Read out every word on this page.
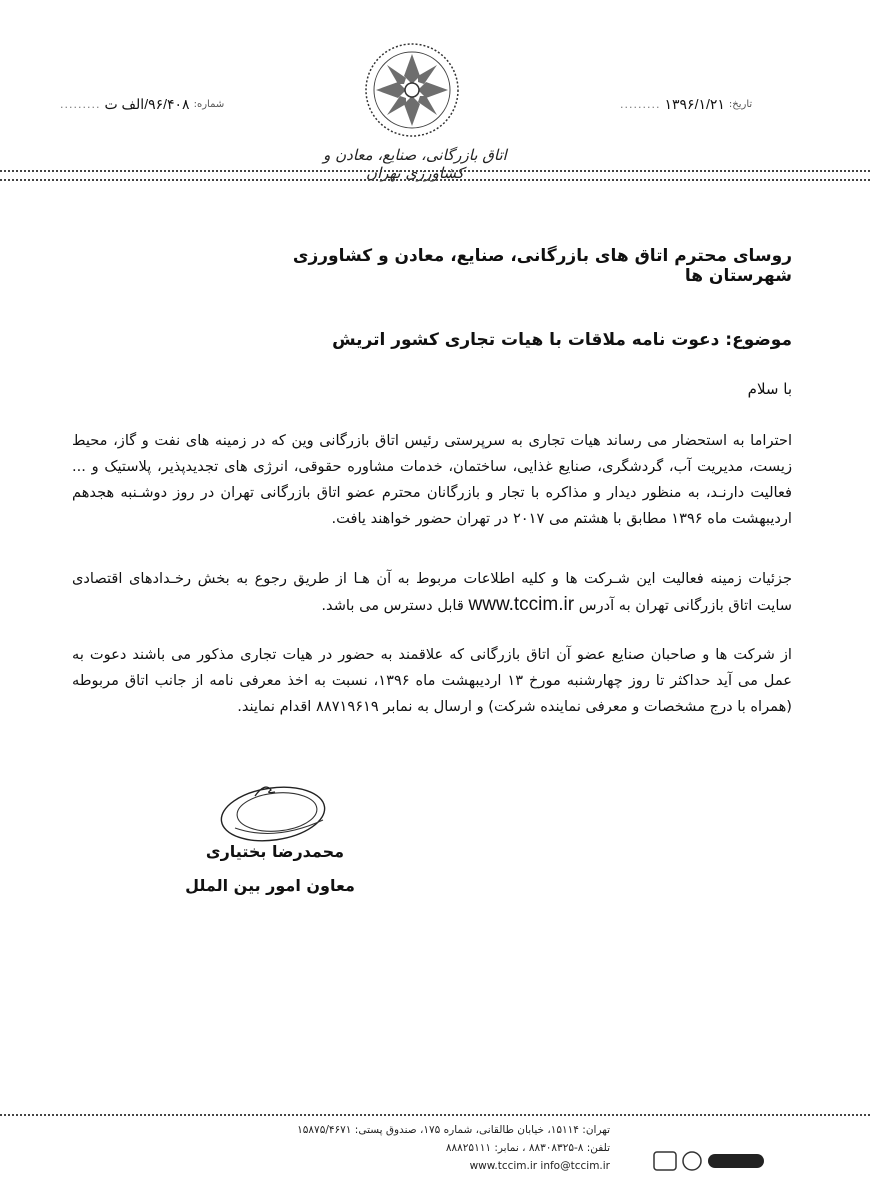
اتاق بازرگانی، صنایع، معادن و کشاورزی تهران
......... ۹۶/۴۰۸/الف ت شماره:	......... ۱۳۹۶/۱/۲۱ تاریخ:
روسای محترم اتاق های بازرگانی، صنایع، معادن و کشاورزی شهرستان ها
موضوع: دعوت نامه ملاقات با هیات تجاری کشور اتریش
با سلام
احتراما به استحضار می رساند هیات تجاری به سرپرستی رئیس اتاق بازرگانی وین که در زمینه های نفت و گاز، محیط زیست، مدیریت آب، گردشگری، صنایع غذایی، ساختمان، خدمات مشاوره حقوقی، انرژی های تجدیدپذیر، پلاستیک و ... فعالیت دارنـد، به منظور دیدار و مذاکره با تجار و بازرگانان محترم عضو اتاق بازرگانی تهران در روز دوشـنبه هجدهم اردیبهشت ماه ۱۳۹۶ مطابق با هشتم می ۲۰۱۷ در تهران حضور خواهند یافت.
جزئیات زمینه فعالیت این شـرکت ها و کلیه اطلاعات مربوط به آن هـا از طریق رجوع به بخش رخـدادهای اقتصادی سایت اتاق بازرگانی تهران به آدرس www.tccim.ir قابل دسترس می باشد.
از شرکت ها و صاحبان صنایع عضو آن اتاق بازرگانی که علاقمند به حضور در هیات تجاری مذکور می باشند دعوت به عمل می آید حداکثر تا روز چهارشنبه مورخ ۱۳ اردیبهشت ماه ۱۳۹۶، نسبت به اخذ معرفی نامه از جانب اتاق مربوطه (همراه با درج مشخصات و معرفی نماینده شرکت) و ارسال به نمابر ۸۸۷۱۹۶۱۹ اقدام نمایند.
محمدرضا بختیاری
معاون امور بین الملل
تهران: ۱۵۱۱۴، خیابان طالقانی، شماره ۱۷۵، صندوق پستی: ۱۵۸۷۵/۴۶۷۱
تلفن: ۸-۸۸۳۰۸۳۲۵ ، نمابر: ۸۸۸۲۵۱۱۱
www.tccim.ir info@tccim.ir
